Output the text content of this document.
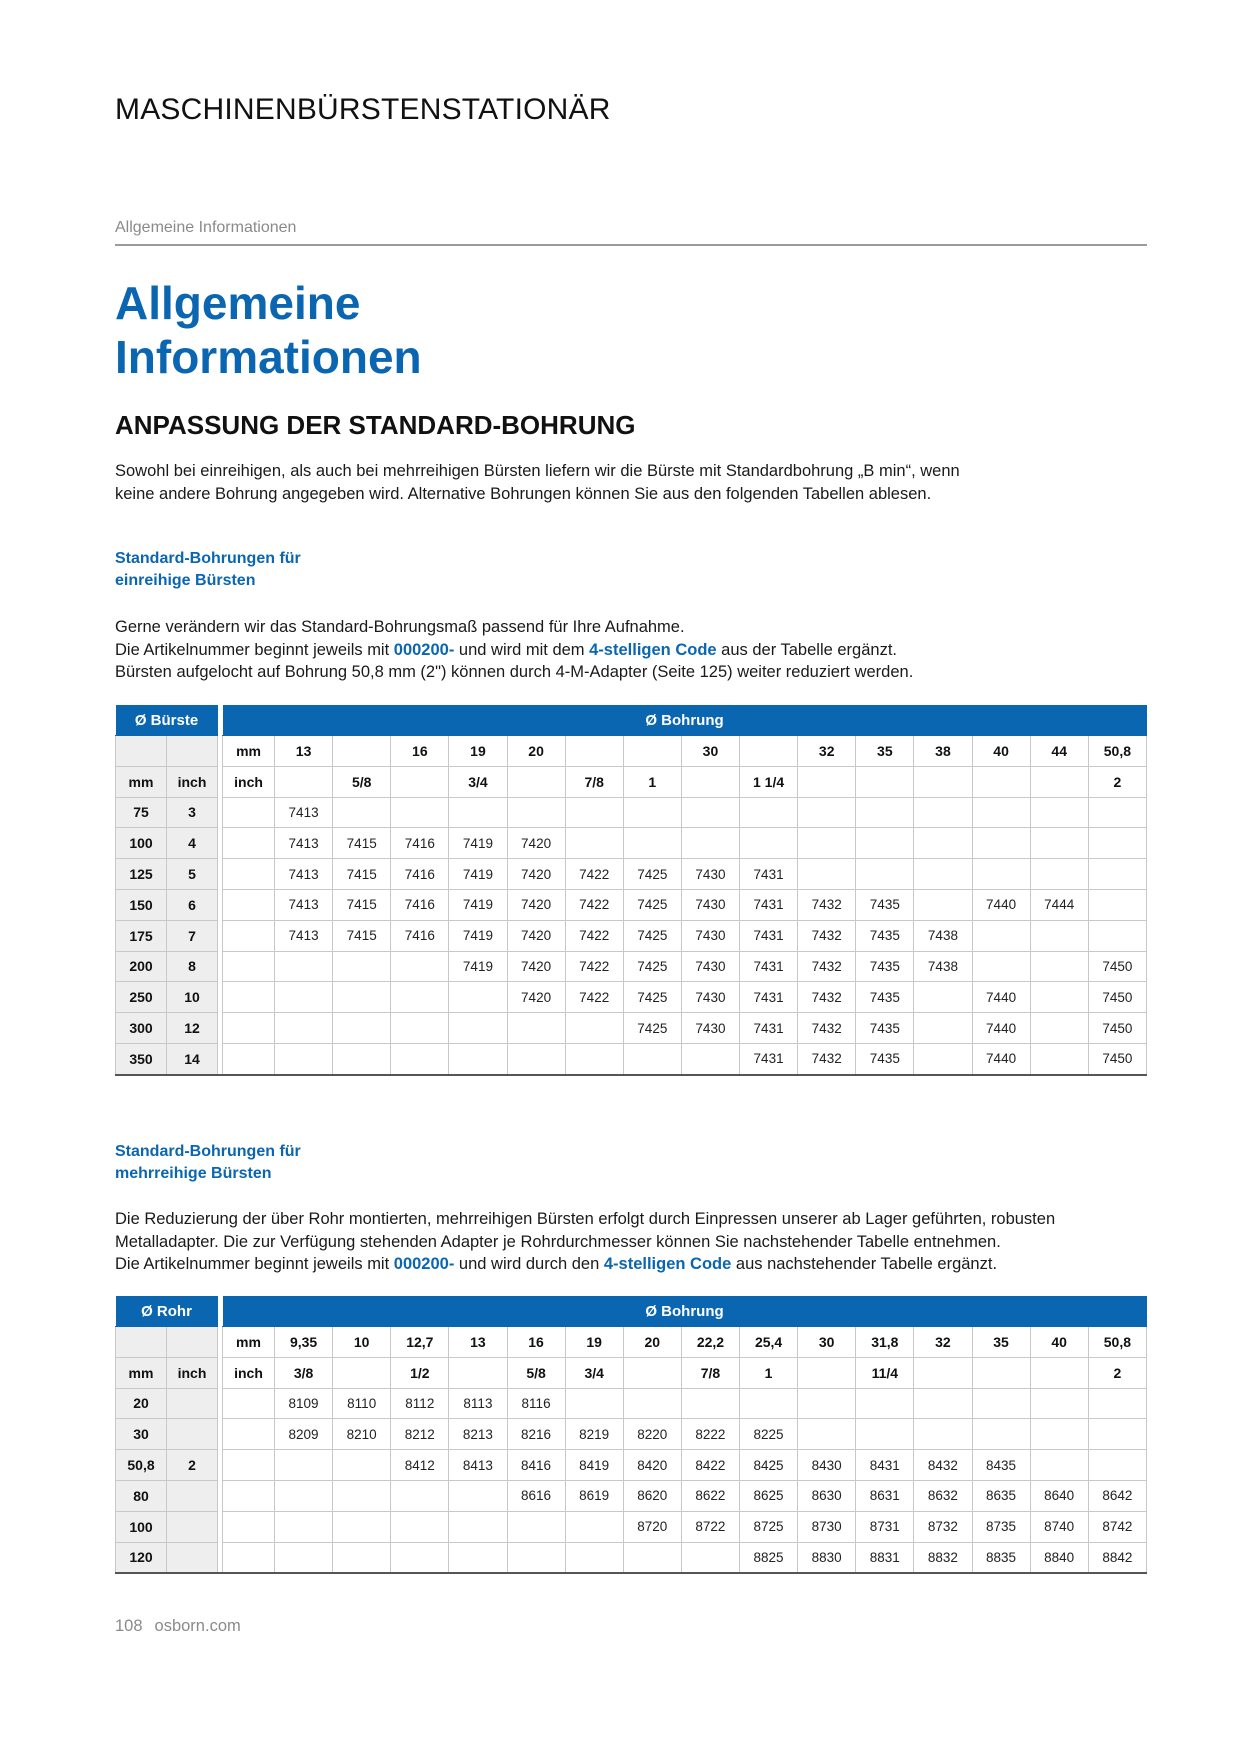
MASCHINENBÜRSTENSTATIONÄR
Allgemeine Informationen
Allgemeine
Informationen
ANPASSUNG DER STANDARD-BOHRUNG
Sowohl bei einreihigen, als auch bei mehrreihigen Bürsten liefern wir die Bürste mit Standardbohrung „B min“, wenn
keine andere Bohrung angegeben wird. Alternative Bohrungen können Sie aus den folgenden Tabellen ablesen.
Standard-Bohrungen für
einreihige Bürsten
Gerne verändern wir das Standard-Bohrungsmaß passend für Ihre Aufnahme.
Die Artikelnummer beginnt jeweils mit 000200- und wird mit dem 4-stelligen Code aus der Tabelle ergänzt.
Bürsten aufgelocht auf Bohrung 50,8 mm (2") können durch 4-M-Adapter (Seite 125) weiter reduziert werden.
Ø Bürste			Ø Bohrung															
			mm	13		16	19	20			30		32	35	38	40	44	50,8
mm	inch		inch		5/8		3/4		7/8	1		1 1/4						2
75	3			7413														
100	4			7413	7415	7416	7419	7420										
125	5			7413	7415	7416	7419	7420	7422	7425	7430	7431						
150	6			7413	7415	7416	7419	7420	7422	7425	7430	7431	7432	7435		7440	7444	
175	7			7413	7415	7416	7419	7420	7422	7425	7430	7431	7432	7435	7438			
200	8						7419	7420	7422	7425	7430	7431	7432	7435	7438			7450
250	10							7420	7422	7425	7430	7431	7432	7435		7440		7450
300	12									7425	7430	7431	7432	7435		7440		7450
350	14											7431	7432	7435		7440		7450
Standard-Bohrungen für
mehrreihige Bürsten
Die Reduzierung der über Rohr montierten, mehrreihigen Bürsten erfolgt durch Einpressen unserer ab Lager geführten, robusten
Metalladapter. Die zur Verfügung stehenden Adapter je Rohrdurchmesser können Sie nachstehender Tabelle entnehmen.
Die Artikelnummer beginnt jeweils mit 000200- und wird durch den 4-stelligen Code aus nachstehender Tabelle ergänzt.
Ø Rohr			Ø Bohrung															
			mm	9,35	10	12,7	13	16	19	20	22,2	25,4	30	31,8	32	35	40	50,8
mm	inch		inch	3/8		1/2		5/8	3/4		7/8	1		11/4				2
20				8109	8110	8112	8113	8116										
30				8209	8210	8212	8213	8216	8219	8220	8222	8225						
50,8	2					8412	8413	8416	8419	8420	8422	8425	8430	8431	8432	8435		
80								8616	8619	8620	8622	8625	8630	8631	8632	8635	8640	8642
100										8720	8722	8725	8730	8731	8732	8735	8740	8742
120												8825	8830	8831	8832	8835	8840	8842
108 osborn.com
